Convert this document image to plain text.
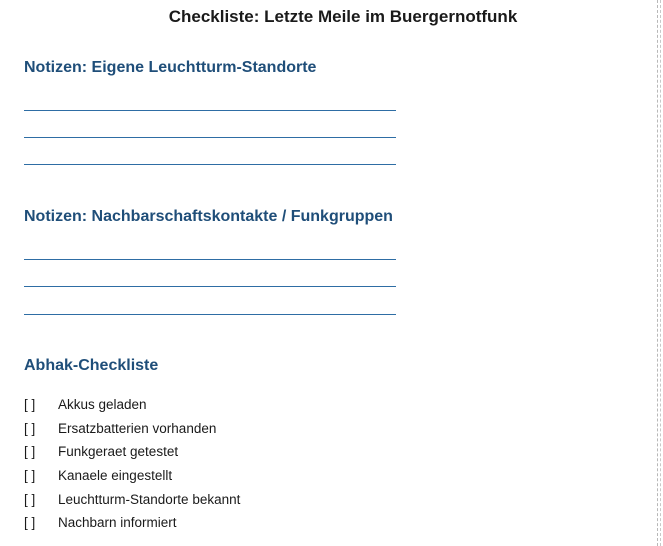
Checkliste: Letzte Meile im Buergernotfunk
Notizen: Eigene Leuchtturm-Standorte
Notizen: Nachbarschaftskontakte / Funkgruppen
Abhak-Checkliste
[ ]	Akkus geladen
[ ]	Ersatzbatterien vorhanden
[ ]	Funkgeraet getestet
[ ]	Kanaele eingestellt
[ ]	Leuchtturm-Standorte bekannt
[ ]	Nachbarn informiert
